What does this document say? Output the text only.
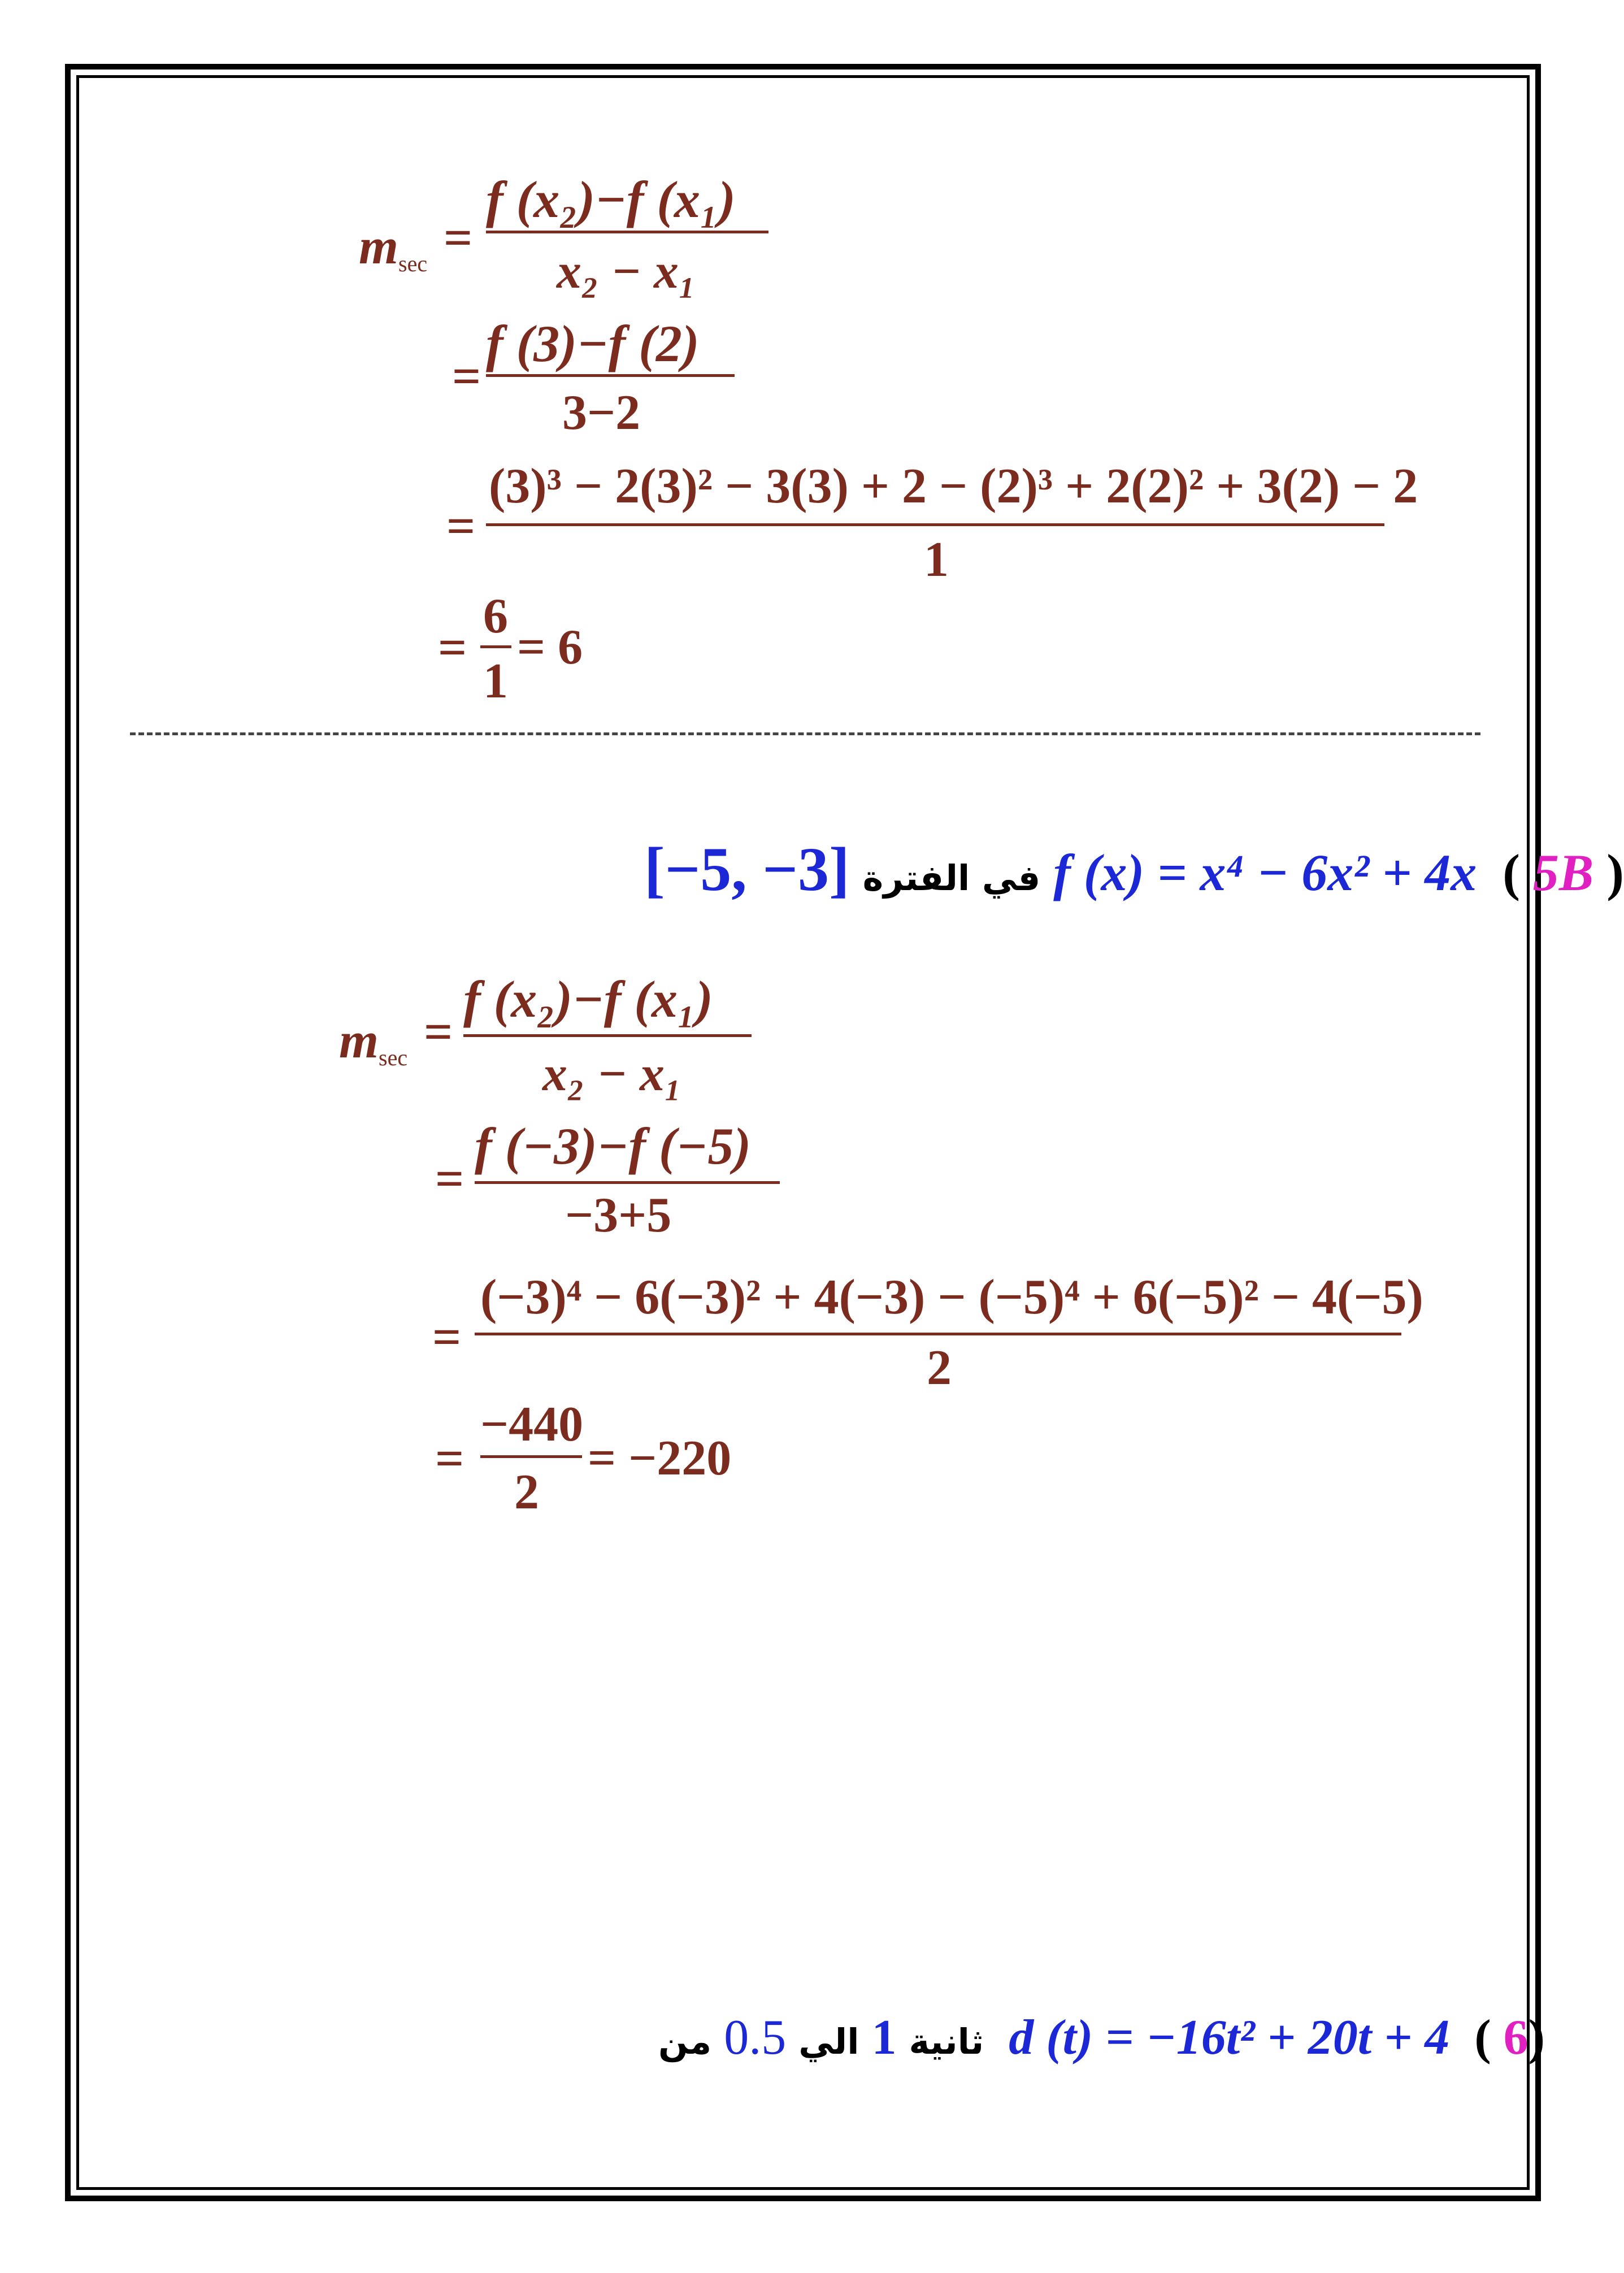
$m_{sec}$ =
f (x₂)−f (x₁)
x₂ − x₁
=
f (3)−f (2)
3−2
=
(3)³ − 2(3)² − 3(3) + 2 − (2)³ + 2(2)² + 3(2) − 2
1
=
6
1
= 6
[−5, −3] في الفترة f (x) = x⁴ − 6x² + 4x  ( 5B )
$m_{sec}$ =
f (x₂)−f (x₁)
x₂ − x₁
=
f (−3)−f (−5)
−3+5
=
(−3)⁴ − 6(−3)² + 4(−3) − (−5)⁴ + 6(−5)² − 4(−5)
2
=
−440
2
= −220
ثانية 1 الي 0.5 من	d (t) = −16t² + 20t + 4  ( 6)
